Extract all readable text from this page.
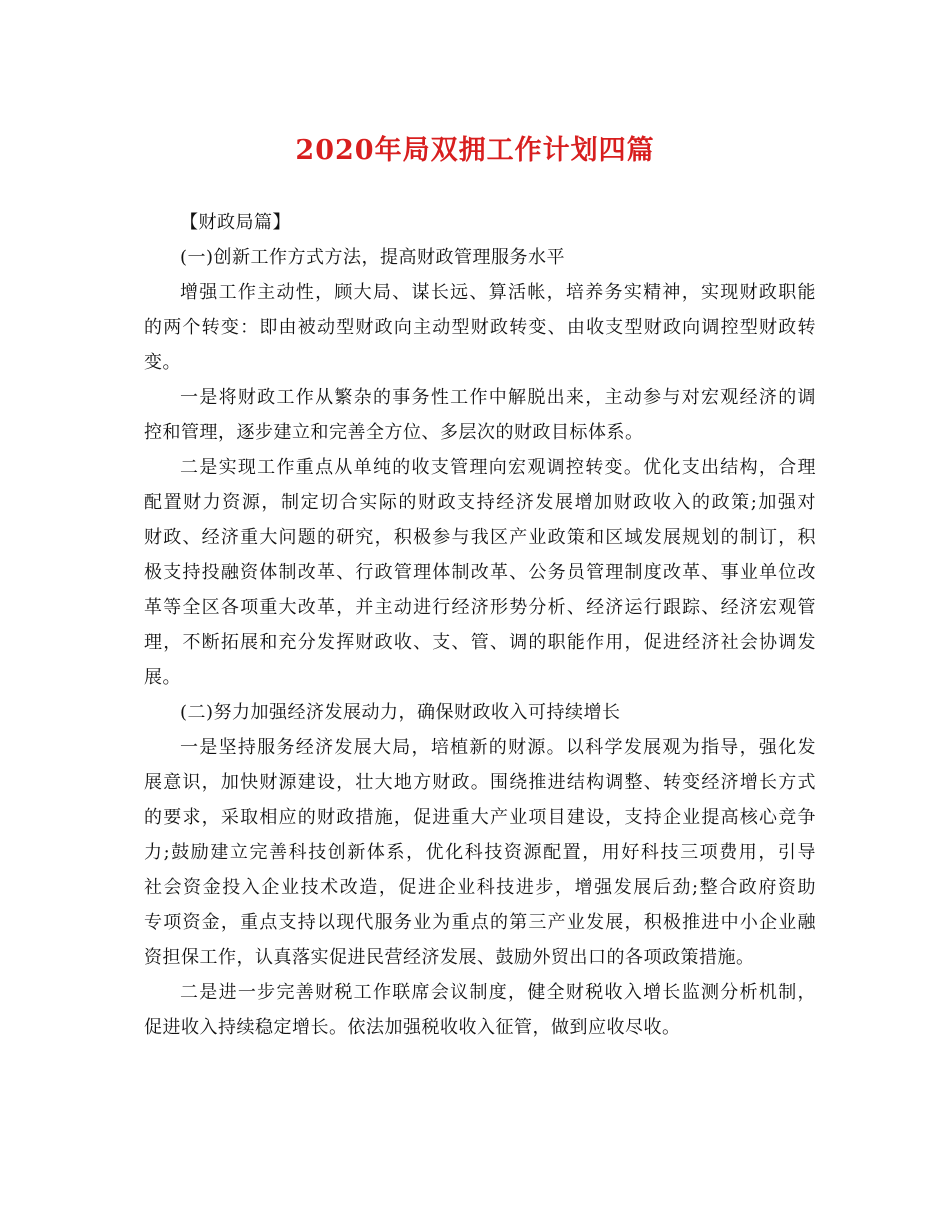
2020年局双拥工作计划四篇
【财政局篇】
(一)创新工作方式方法，提高财政管理服务水平
增强工作主动性，顾大局、谋长远、算活帐，培养务实精神，实现财政职能
的两个转变：即由被动型财政向主动型财政转变、由收支型财政向调控型财政转
变。
一是将财政工作从繁杂的事务性工作中解脱出来，主动参与对宏观经济的调
控和管理，逐步建立和完善全方位、多层次的财政目标体系。
二是实现工作重点从单纯的收支管理向宏观调控转变。优化支出结构，合理
配置财力资源，制定切合实际的财政支持经济发展增加财政收入的政策;加强对
财政、经济重大问题的研究，积极参与我区产业政策和区域发展规划的制订，积
极支持投融资体制改革、行政管理体制改革、公务员管理制度改革、事业单位改
革等全区各项重大改革，并主动进行经济形势分析、经济运行跟踪、经济宏观管
理，不断拓展和充分发挥财政收、支、管、调的职能作用，促进经济社会协调发
展。
(二)努力加强经济发展动力，确保财政收入可持续增长
一是坚持服务经济发展大局，培植新的财源。以科学发展观为指导，强化发
展意识，加快财源建设，壮大地方财政。围绕推进结构调整、转变经济增长方式
的要求，采取相应的财政措施，促进重大产业项目建设，支持企业提高核心竞争
力;鼓励建立完善科技创新体系，优化科技资源配置，用好科技三项费用，引导
社会资金投入企业技术改造，促进企业科技进步，增强发展后劲;整合政府资助
专项资金，重点支持以现代服务业为重点的第三产业发展，积极推进中小企业融
资担保工作，认真落实促进民营经济发展、鼓励外贸出口的各项政策措施。
二是进一步完善财税工作联席会议制度，健全财税收入增长监测分析机制，
促进收入持续稳定增长。依法加强税收收入征管，做到应收尽收。
